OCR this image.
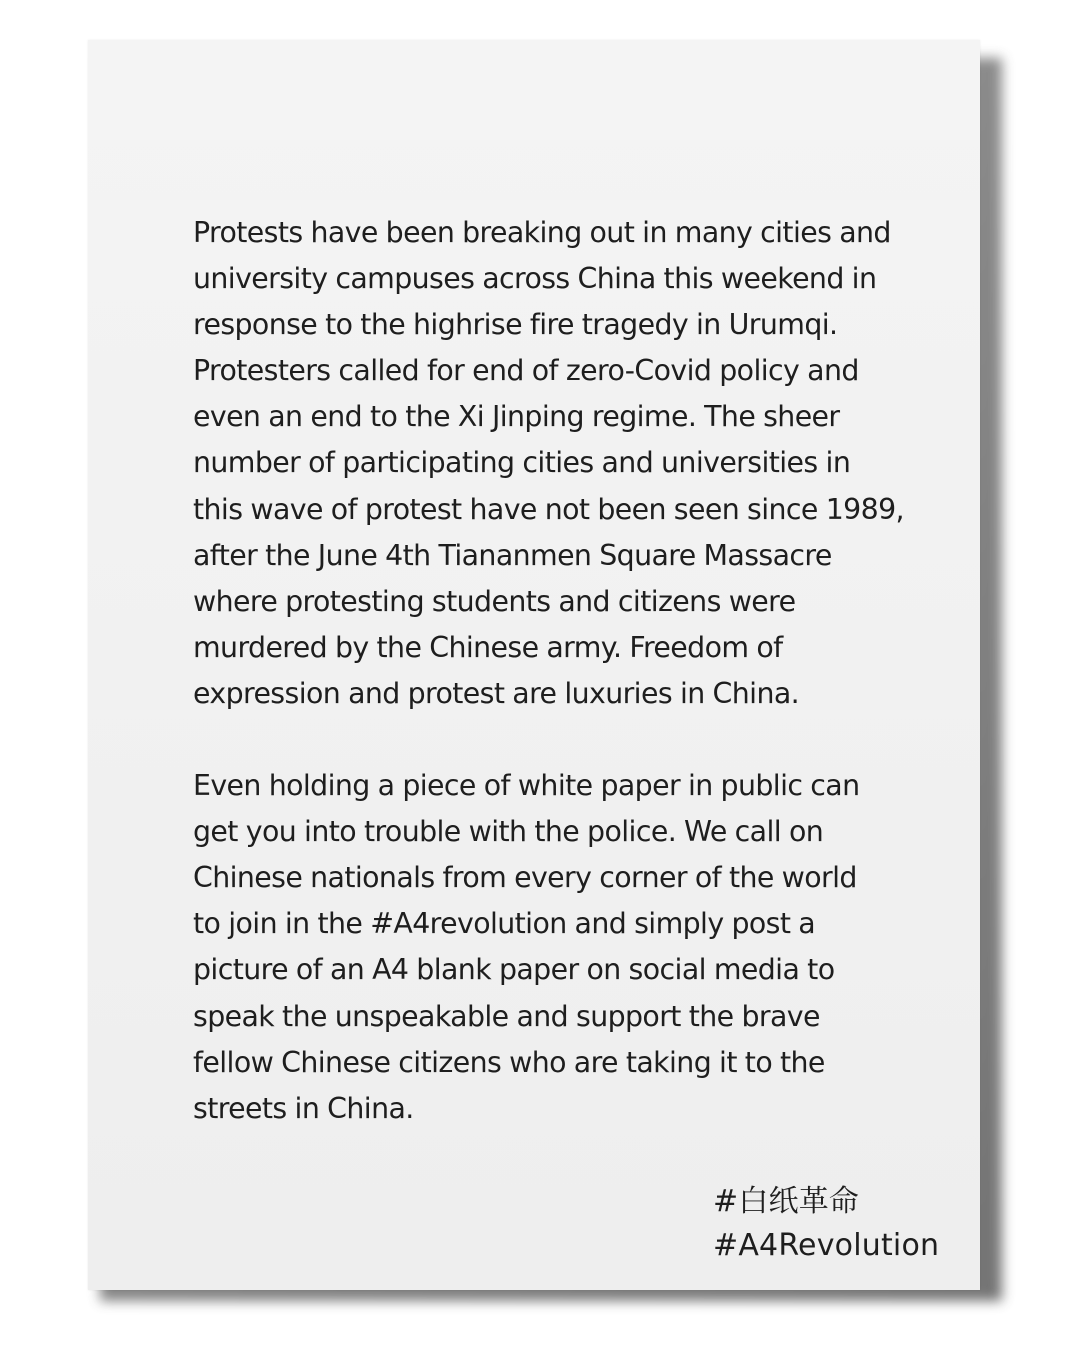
Protests have been breaking out in many cities and
university campuses across China this weekend in
response to the highrise fire tragedy in Urumqi.
Protesters called for end of zero-Covid policy and
even an end to the Xi Jinping regime. The sheer
number of participating cities and universities in
this wave of protest have not been seen since 1989,
after the June 4th Tiananmen Square Massacre
where protesting students and citizens were
murdered by the Chinese army. Freedom of
expression and protest are luxuries in China.

Even holding a piece of white paper in public can
get you into trouble with the police. We call on
Chinese nationals from every corner of the world
to join in the #A4revolution and simply post a
picture of an A4 blank paper on social media to
speak the unspeakable and support the brave
fellow Chinese citizens who are taking it to the
streets in China.

#白纸革命
#A4Revolution
